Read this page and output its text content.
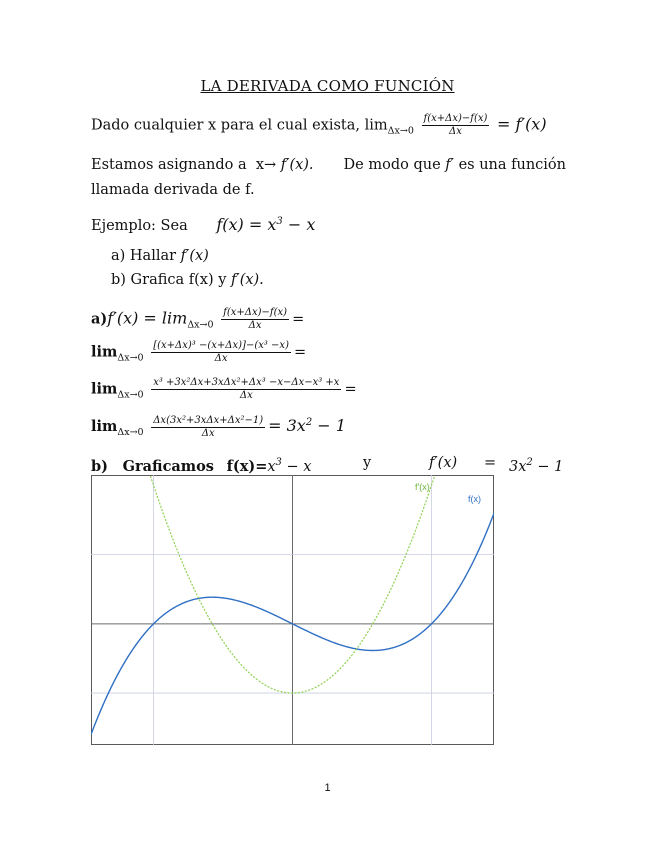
LA DERIVADA COMO FUNCIÓN
Dado cualquier x para el cual exista, $\lim_{\Delta x\to 0} \frac{f(x+\Delta x)-f(x)}{\Delta x} = f'(x)$
Estamos asignando a x→ f′(x). De modo que f′ es una función
llamada derivada de f.
Ejemplo: Sea $f(x) = x^3 - x$
a) Hallar f′(x)
b) Grafica f(x) y f′(x).
$a)f'(x) = \lim_{\Delta x\to 0} \frac{f(x+\Delta x)-f(x)}{\Delta x}$ =
$\lim_{\Delta x\to 0} \frac{\text{[(x+Δx)³ −(x+Δx)]−(x³ −x)}}{\Delta x}$ =
$\lim_{\Delta x\to 0} \frac{\text{x³ +3x²Δx+3xΔx²+Δx³ −x−Δx−x³ +x}}{\Delta x}$ =
$\lim_{\Delta x\to 0} \frac{\text{Δx(3x²+3xΔx+Δx²−1)}}{\Delta x} = 3x^2 - 1$
b) Graficamos $f(x)=x^3 - x$	y	$f'(x) = 3x^2 - 1$
f'(x)
f(x)
1
